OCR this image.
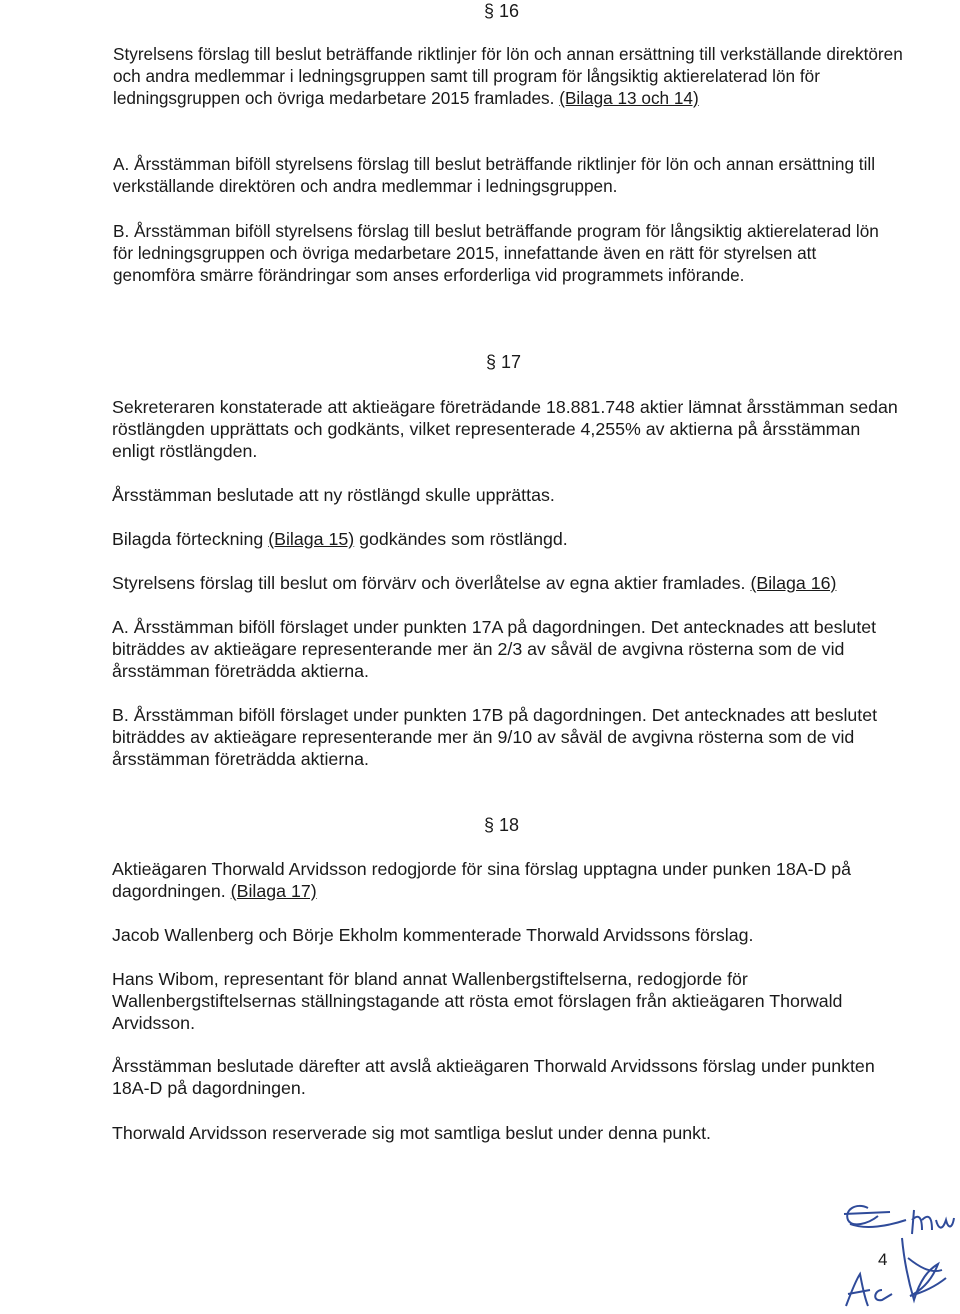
§ 16

Styrelsens förslag till beslut beträffande riktlinjer för lön och annan ersättning till verkställande direktören och andra medlemmar i ledningsgruppen samt till program för långsiktig aktierelaterad lön för ledningsgruppen och övriga medarbetare 2015 framlades. (Bilaga 13 och 14)

A. Årsstämman biföll styrelsens förslag till beslut beträffande riktlinjer för lön och annan ersättning till verkställande direktören och andra medlemmar i ledningsgruppen.

B. Årsstämman biföll styrelsens förslag till beslut beträffande program för långsiktig aktierelaterad lön för ledningsgruppen och övriga medarbetare 2015, innefattande även en rätt för styrelsen att genomföra smärre förändringar som anses erforderliga vid programmets införande.

§ 17

Sekreteraren konstaterade att aktieägare företrädande 18.881.748 aktier lämnat årsstämman sedan röstlängden upprättats och godkänts, vilket representerade 4,255% av aktierna på årsstämman enligt röstlängden.

Årsstämman beslutade att ny röstlängd skulle upprättas.

Bilagda förteckning (Bilaga 15) godkändes som röstlängd.

Styrelsens förslag till beslut om förvärv och överlåtelse av egna aktier framlades. (Bilaga 16)

A. Årsstämman biföll förslaget under punkten 17A på dagordningen. Det antecknades att beslutet biträddes av aktieägare representerande mer än 2/3 av såväl de avgivna rösterna som de vid årsstämman företrädda aktierna.

B. Årsstämman biföll förslaget under punkten 17B på dagordningen. Det antecknades att beslutet biträddes av aktieägare representerande mer än 9/10 av såväl de avgivna rösterna som de vid årsstämman företrädda aktierna.

§ 18

Aktieägaren Thorwald Arvidsson redogjorde för sina förslag upptagna under punken 18A-D på dagordningen. (Bilaga 17)

Jacob Wallenberg och Börje Ekholm kommenterade Thorwald Arvidssons förslag.

Hans Wibom, representant för bland annat Wallenbergstiftelserna, redogjorde för Wallenbergstiftelsernas ställningstagande att rösta emot förslagen från aktieägaren Thorwald Arvidsson.

Årsstämman beslutade därefter att avslå aktieägaren Thorwald Arvidssons förslag under punkten 18A-D på dagordningen.

Thorwald Arvidsson reserverade sig mot samtliga beslut under denna punkt.

4
